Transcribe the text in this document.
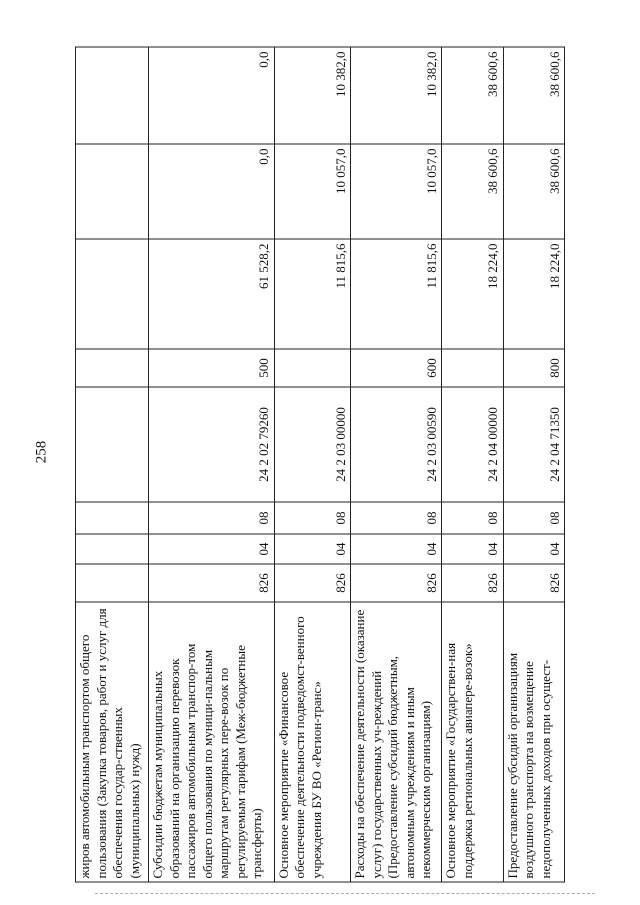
258
жиров автомобильным транспортом общего пользования (Закупка товаров, работ и услуг для обеспечения государ-ственных (муниципальных) нужд)								
Субсидии бюджетам муниципальных образований на организацию перевозок пассажиров автомобильным транспор-том общего пользования по муници-пальным маршрутам регулярных пере-возок по регулируемым тарифам (Меж-бюджетные трансферты)	826	04	08	24 2 02 79260	500	61 528,2	0,0	0,0
Основное мероприятие «Финансовое обеспечение деятельности подведомст-венного учреждения БУ ВО «Регион-транс»	826	04	08	24 2 03 00000		11 815,6	10 057,0	10 382,0
Расходы на обеспечение деятельности (оказание услуг) государственных уч-реждений (Предоставление субсидий бюджетным, автономным учреждениям и иным некоммерческим организациям)	826	04	08	24 2 03 00590	600	11 815,6	10 057,0	10 382,0
Основное мероприятие «Государствен-ная поддержка региональных авиапере-возок»	826	04	08	24 2 04 00000		18 224,0	38 600,6	38 600,6
Предоставление субсидий организациям воздушного транспорта на возмещение недополученных доходов при осущест-	826	04	08	24 2 04 71350	800	18 224,0	38 600,6	38 600,6
